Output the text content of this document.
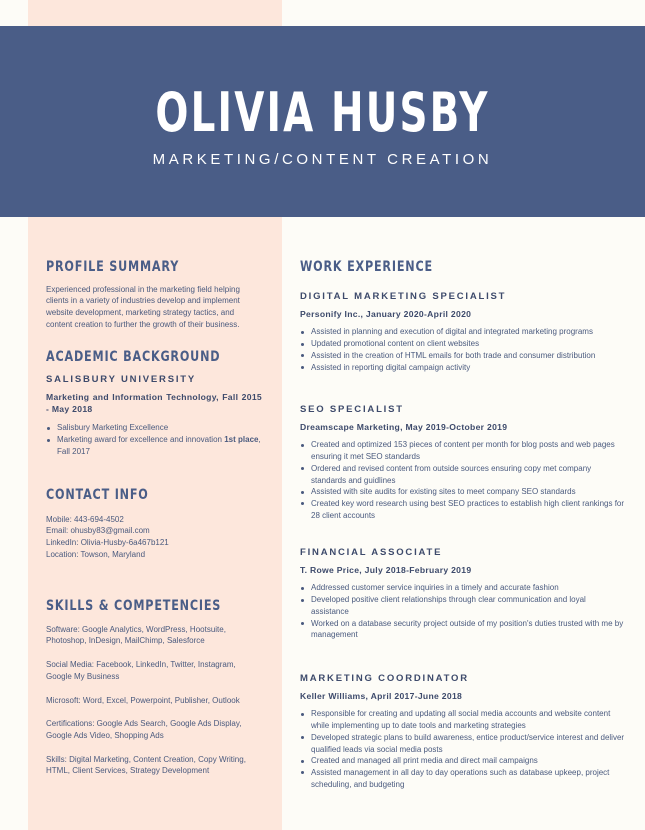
OLIVIA HUSBY
MARKETING/CONTENT CREATION
PROFILE SUMMARY
Experienced professional in the marketing field helping clients in a variety of industries develop and implement website development, marketing strategy tactics, and content creation to further the growth of their business.
ACADEMIC BACKGROUND
SALISBURY UNIVERSITY
Marketing and Information Technology, Fall 2015 - May 2018
Salisbury Marketing Excellence
Marketing award for excellence and innovation 1st place, Fall 2017
CONTACT INFO
Mobile: 443-694-4502
Email: ohusby83@gmail.com
LinkedIn: Olivia-Husby-6a467b121
Location: Towson, Maryland
SKILLS & COMPETENCIES
Software: Google Analytics, WordPress, Hootsuite, Photoshop, InDesign, MailChimp, Salesforce
Social Media: Facebook, LinkedIn, Twitter, Instagram, Google My Business
Microsoft: Word, Excel, Powerpoint, Publisher, Outlook
Certifications: Google Ads Search, Google Ads Display, Google Ads Video, Shopping Ads
Skills: Digital Marketing, Content Creation, Copy Writing, HTML, Client Services, Strategy Development
WORK EXPERIENCE
DIGITAL MARKETING SPECIALIST
Personify Inc., January 2020-April 2020
Assisted in planning and execution of digital and integrated marketing programs
Updated promotional content on client websites
Assisted in the creation of HTML emails for both trade and consumer distribution
Assisted in reporting digital campaign activity
SEO SPECIALIST
Dreamscape Marketing, May 2019-October 2019
Created and optimized 153 pieces of content per month for blog posts and web pages ensuring it met SEO standards
Ordered and revised content from outside sources ensuring copy met company standards and guidlines
Assisted with site audits for existing sites to meet company SEO standards
Created key word research using best SEO practices to establish high client rankings for 28 client accounts
FINANCIAL ASSOCIATE
T. Rowe Price, July 2018-February 2019
Addressed customer service inquiries in a timely and accurate fashion
Developed positive client relationships through clear communication and loyal assistance
Worked on a database security project outside of my position's duties trusted with me by management
MARKETING COORDINATOR
Keller Williams, April 2017-June 2018
Responsible for creating and updating all social media accounts and website content while implementing up to date tools and marketing strategies
Developed strategic plans to build awareness, entice product/service interest and deliver qualified leads via social media posts
Created and managed all print media and direct mail campaigns
Assisted management in all day to day operations such as database upkeep, project scheduling, and budgeting
